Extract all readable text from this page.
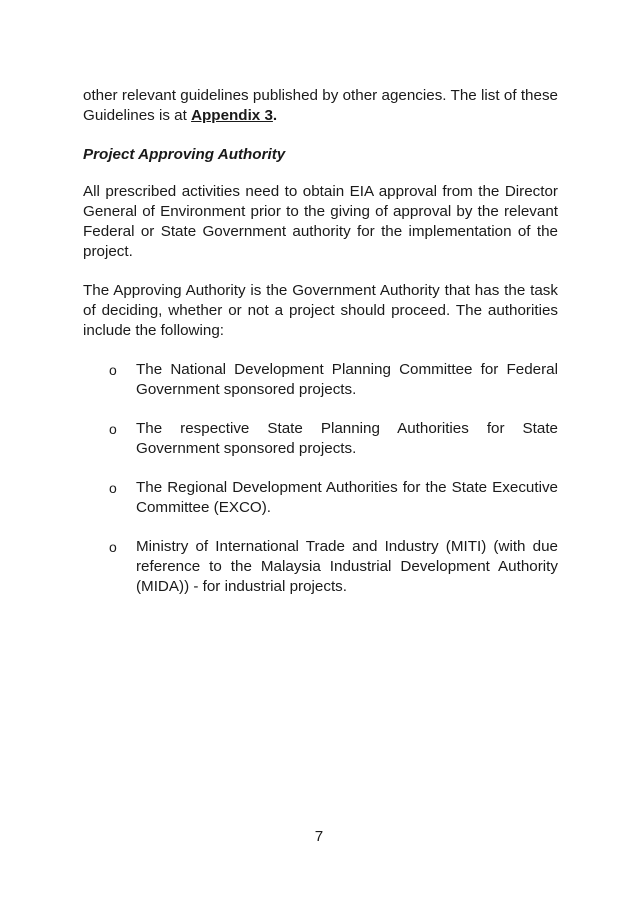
other relevant guidelines published by other agencies. The list of these Guidelines is at Appendix 3.

Project Approving Authority

All prescribed activities need to obtain EIA approval from the Director General of Environment prior to the giving of approval by the relevant Federal or State Government authority for the implementation of the project.

The Approving Authority is the Government Authority that has the task of deciding, whether or not a project should proceed. The authorities include the following:

o The National Development Planning Committee for Federal Government sponsored projects.
o The respective State Planning Authorities for State Government sponsored projects.
o The Regional Development Authorities for the State Executive Committee (EXCO).
o Ministry of International Trade and Industry (MITI) (with due reference to the Malaysia Industrial Development Authority (MIDA)) - for industrial projects.
7
